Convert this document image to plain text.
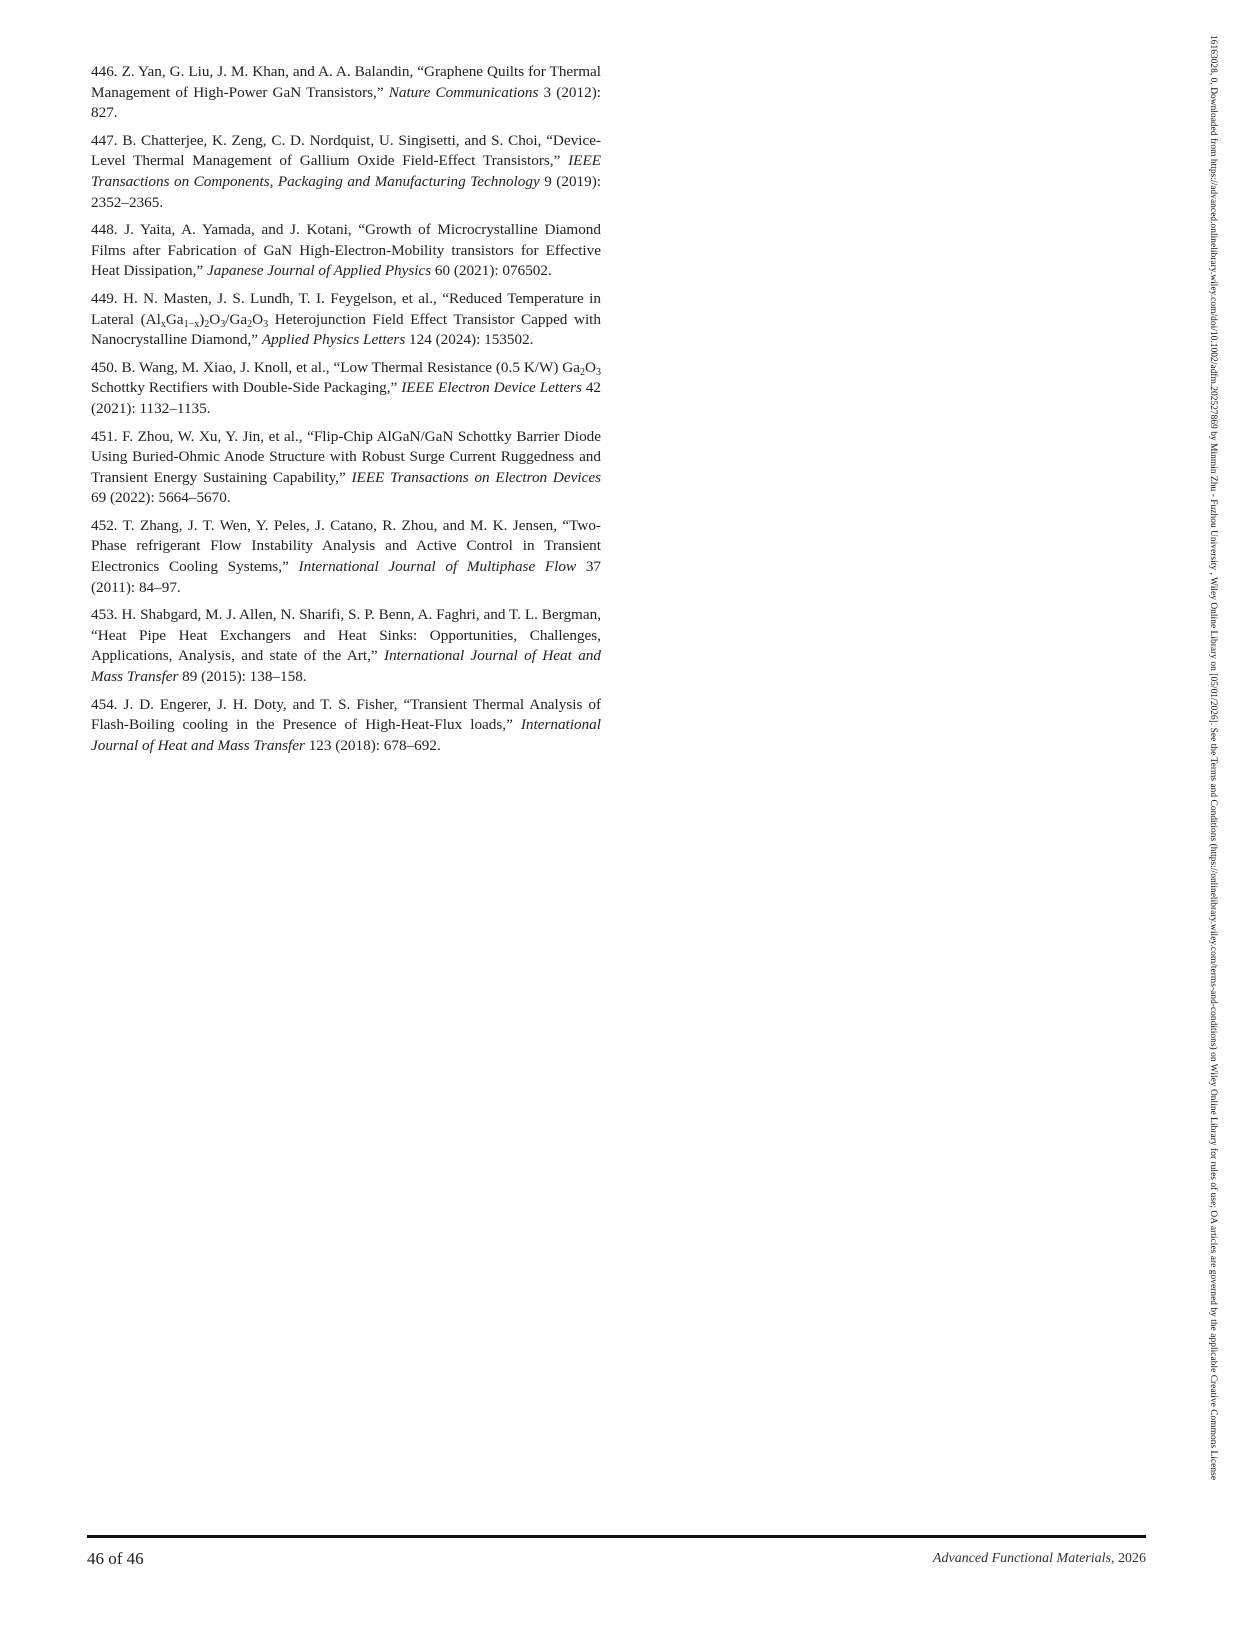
446. Z. Yan, G. Liu, J. M. Khan, and A. A. Balandin, “Graphene Quilts for Thermal Management of High-Power GaN Transistors,” Nature Communications 3 (2012): 827.

447. B. Chatterjee, K. Zeng, C. D. Nordquist, U. Singisetti, and S. Choi, “Device-Level Thermal Management of Gallium Oxide Field-Effect Transistors,” IEEE Transactions on Components, Packaging and Manufacturing Technology 9 (2019): 2352–2365.

448. J. Yaita, A. Yamada, and J. Kotani, “Growth of Microcrystalline Diamond Films after Fabrication of GaN High-Electron-Mobility transistors for Effective Heat Dissipation,” Japanese Journal of Applied Physics 60 (2021): 076502.

449. H. N. Masten, J. S. Lundh, T. I. Feygelson, et al., “Reduced Temperature in Lateral $(Al_xGa_{1-x})_2O_3/Ga_2O_3$ Heterojunction Field Effect Transistor Capped with Nanocrystalline Diamond,” Applied Physics Letters 124 (2024): 153502.

450. B. Wang, M. Xiao, J. Knoll, et al., “Low Thermal Resistance (0.5 K/W) $Ga_2O_3$ Schottky Rectifiers with Double-Side Packaging,” IEEE Electron Device Letters 42 (2021): 1132–1135.

451. F. Zhou, W. Xu, Y. Jin, et al., “Flip-Chip AlGaN/GaN Schottky Barrier Diode Using Buried-Ohmic Anode Structure with Robust Surge Current Ruggedness and Transient Energy Sustaining Capability,” IEEE Transactions on Electron Devices 69 (2022): 5664–5670.

452. T. Zhang, J. T. Wen, Y. Peles, J. Catano, R. Zhou, and M. K. Jensen, “Two-Phase refrigerant Flow Instability Analysis and Active Control in Transient Electronics Cooling Systems,” International Journal of Multiphase Flow 37 (2011): 84–97.

453. H. Shabgard, M. J. Allen, N. Sharifi, S. P. Benn, A. Faghri, and T. L. Bergman, “Heat Pipe Heat Exchangers and Heat Sinks: Opportunities, Challenges, Applications, Analysis, and state of the Art,” International Journal of Heat and Mass Transfer 89 (2015): 138–158.

454. J. D. Engerer, J. H. Doty, and T. S. Fisher, “Transient Thermal Analysis of Flash-Boiling cooling in the Presence of High-Heat-Flux loads,” International Journal of Heat and Mass Transfer 123 (2018): 678–692.

46 of 46	Advanced Functional Materials, 2026
16163028, 0, Downloaded from https://advanced.onlinelibrary.wiley.com/doi/10.1002/adfm.202527869 by Minmin Zhu - Fuzhou University , Wiley Online Library on [05/01/2026]. See the Terms and Conditions (https://onlinelibrary.wiley.com/terms-and-conditions) on Wiley Online Library for rules of use; OA articles are governed by the applicable Creative Commons License
